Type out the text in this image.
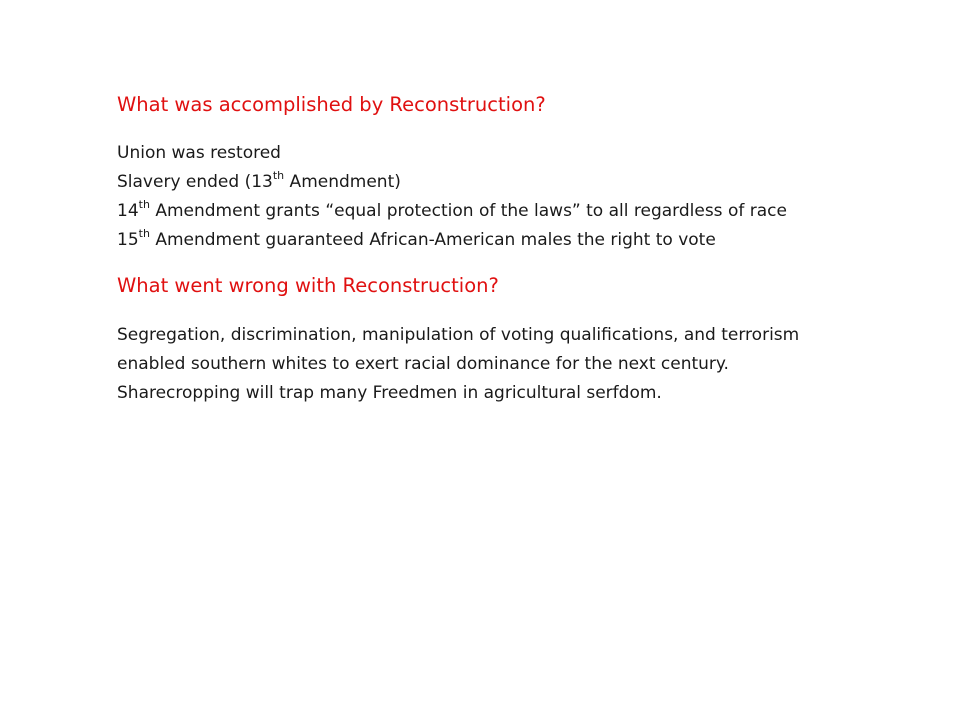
What was accomplished by Reconstruction?
Union was restored
Slavery ended (13th Amendment)
14th Amendment grants “equal protection of the laws” to all regardless of race
15th Amendment guaranteed African-American males the right to vote
What went wrong with Reconstruction?
Segregation, discrimination, manipulation of voting qualifications, and terrorism enabled southern whites to exert racial dominance for the next century.
Sharecropping will trap many Freedmen in agricultural serfdom.
